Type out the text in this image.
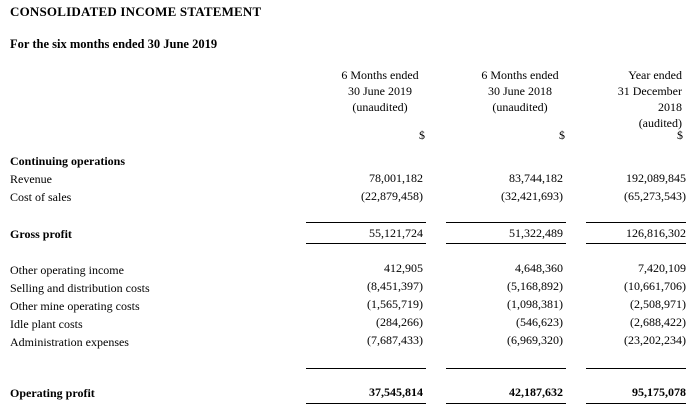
CONSOLIDATED INCOME STATEMENT
For the six months ended 30 June 2019
6 Months ended
30 June 2019
(unaudited)
6 Months ended
30 June 2018
(unaudited)
Year ended
31 December
2018
(audited)
$	$	$
Continuing operations
Revenue	78,001,182	83,744,182	192,089,845
Cost of sales	(22,879,458)	(32,421,693)	(65,273,543)
Gross profit	55,121,724	51,322,489	126,816,302
Other operating income	412,905	4,648,360	7,420,109
Selling and distribution costs	(8,451,397)	(5,168,892)	(10,661,706)
Other mine operating costs	(1,565,719)	(1,098,381)	(2,508,971)
Idle plant costs	(284,266)	(546,623)	(2,688,422)
Administration expenses	(7,687,433)	(6,969,320)	(23,202,234)
Operating profit	37,545,814	42,187,632	95,175,078
